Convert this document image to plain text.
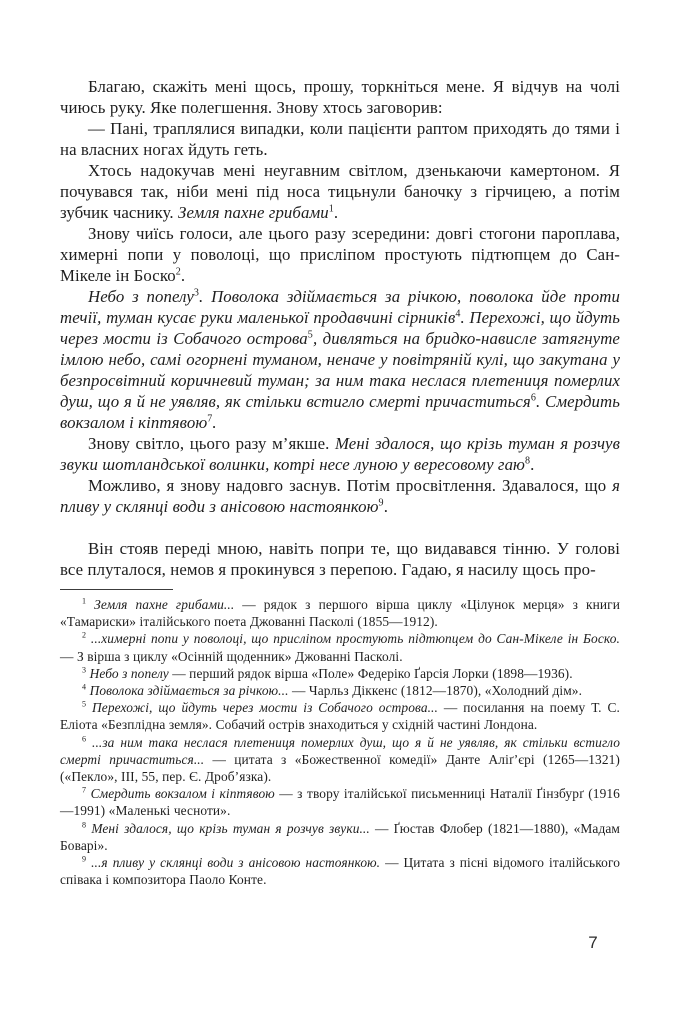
Благаю, скажіть мені щось, прошу, торкніться мене. Я відчув на чолі чиюсь руку. Яке полегшення. Знову хтось заговорив:

— Пані, траплялися випадки, коли пацієнти раптом приходять до тями і на власних ногах йдуть геть.

Хтось надокучав мені неугавним світлом, дзенькаючи камертоном. Я почувався так, ніби мені під носа тицьнули баночку з гірчицею, а потім зубчик часнику. Земля пахне грибами$^1$.

Знову чиїсь голоси, але цього разу зсередини: довгі стогони пароплава, химерні попи у поволоці, що присліпом простують підтюпцем до Сан-Мікеле ін Боско$^2$.

Небо з попелу$^3$. Поволока здіймається за річкою, поволока йде проти течії, туман кусає руки маленької продавчині сірників$^4$. Перехожі, що йдуть через мости із Собачого острова$^5$, дивляться на бридко-нависле затягнуте імлою небо, самі огорнені туманом, неначе у повітряній кулі, що закутана у безпросвітний коричневий туман; за ним така неслася плетениця померлих душ, що я й не уявляв, як стільки встигло смерті причаститься$^6$. Смердить вокзалом і кіптявою$^7$.

Знову світло, цього разу м’якше. Мені здалося, що крізь туман я розчув звуки шотландської волинки, котрі несе луною у вересовому гаю$^8$.

Можливо, я знову надовго заснув. Потім просвітлення. Здавалося, що я пливу у склянці води з анісовою настоянкою$^9$.

Він стояв переді мною, навіть попри те, що видавався тінню. У голові все плуталося, немов я прокинувся з перепою. Гадаю, я насилу щось про-

$^1$ Земля пахне грибами... — рядок з першого вірша циклу «Цілунок мерця» з книги «Тамариски» італійського поета Джованні Пасколі (1855—1912).

$^2$ ...химерні попи у поволоці, що присліпом простують підтюпцем до Сан-Мікеле ін Боско. — З вірша з циклу «Осінній щоденник» Джованні Пасколі.

$^3$ Небо з попелу — перший рядок вірша «Поле» Федеріко Ґарсія Лорки (1898—1936).

$^4$ Поволока здіймається за річкою... — Чарльз Діккенс (1812—1870), «Холодний дім».

$^5$ Перехожі, що йдуть через мости із Собачого острова... — посилання на поему Т. С. Еліота «Безплідна земля». Собачий острів знаходиться у східній частині Лондона.

$^6$ ...за ним така неслася плетениця померлих душ, що я й не уявляв, як стільки встигло смерті причаститься... — цитата з «Божественної комедії» Данте Аліґ’єрі (1265—1321) («Пекло», ІІІ, 55, пер. Є. Дроб’язка).

$^7$ Смердить вокзалом і кіптявою — з твору італійської письменниці Наталії Ґінзбурґ (1916—1991) «Маленькі чесноти».

$^8$ Мені здалося, що крізь туман я розчув звуки... — Ґюстав Флобер (1821—1880), «Мадам Боварі».

$^9$ ...я пливу у склянці води з анісовою настоянкою. — Цитата з пісні відомого італійського співака і композитора Паоло Конте.

7
